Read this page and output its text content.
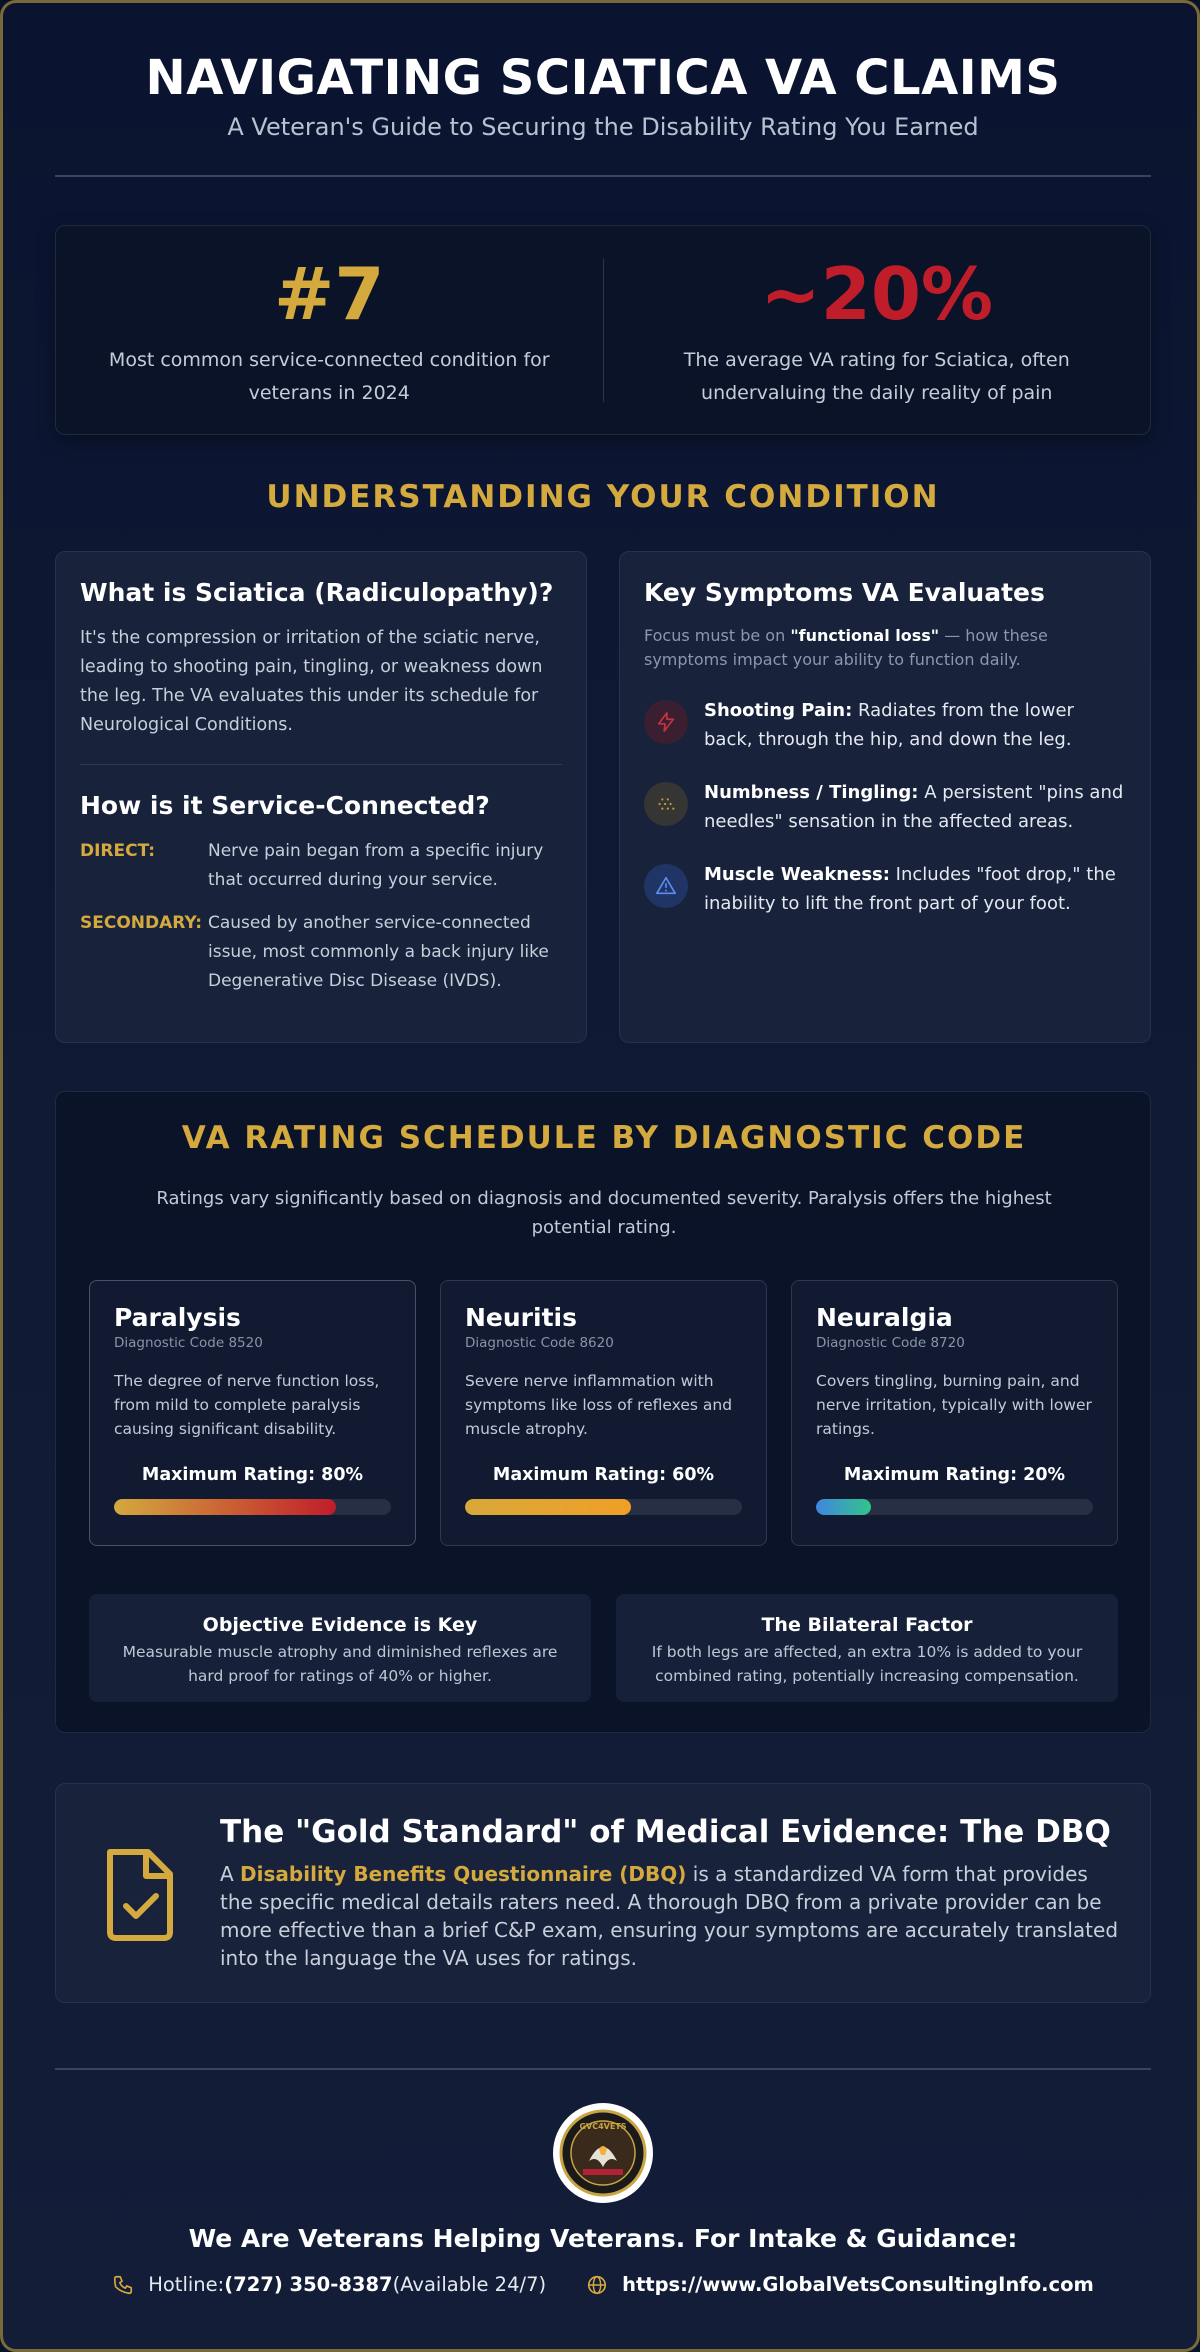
NAVIGATING SCIATICA VA CLAIMS
A Veteran's Guide to Securing the Disability Rating You Earned
#7
Most common service-connected condition for veterans in 2024
~20%
The average VA rating for Sciatica, often undervaluing the daily reality of pain
UNDERSTANDING YOUR CONDITION
What is Sciatica (Radiculopathy)?

It's the compression or irritation of the sciatic nerve, leading to shooting pain, tingling, or weakness down the leg. The VA evaluates this under its schedule for Neurological Conditions.

How is it Service-Connected?
DIRECT:	Nerve pain began from a specific injury that occurred during your service.
SECONDARY: Caused by another service-connected issue, most commonly a back injury like Degenerative Disc Disease (IVDS).
Key Symptoms VA Evaluates

Focus must be on "functional loss" — how these symptoms impact your ability to function daily.

Shooting Pain: Radiates from the lower back, through the hip, and down the leg.
Numbness / Tingling: A persistent "pins and needles" sensation in the affected areas.
Muscle Weakness: Includes "foot drop," the inability to lift the front part of your foot.
VA RATING SCHEDULE BY DIAGNOSTIC CODE
Ratings vary significantly based on diagnosis and documented severity. Paralysis offers the highest potential rating.
Paralysis
Diagnostic Code 8520
The degree of nerve function loss, from mild to complete paralysis causing significant disability.
Maximum Rating: 80%
Neuritis
Diagnostic Code 8620
Severe nerve inflammation with symptoms like loss of reflexes and muscle atrophy.
Maximum Rating: 60%
Neuralgia
Diagnostic Code 8720
Covers tingling, burning pain, and nerve irritation, typically with lower ratings.
Maximum Rating: 20%
Objective Evidence is Key

Measurable muscle atrophy and diminished reflexes are hard proof for ratings of 40% or higher.

The Bilateral Factor

If both legs are affected, an extra 10% is added to your combined rating, potentially increasing compensation.

The "Gold Standard" of Medical Evidence: The DBQ
A Disability Benefits Questionnaire (DBQ) is a standardized VA form that provides the specific medical details raters need. A thorough DBQ from a private provider can be more effective than a brief C&P exam, ensuring your symptoms are accurately translated into the language the VA uses for ratings.
GVC4VETS
We Are Veterans Helping Veterans. For Intake & Guidance:
Hotline: (727) 350-8387 (Available 24/7)	https://www.GlobalVetsConsultingInfo.com
